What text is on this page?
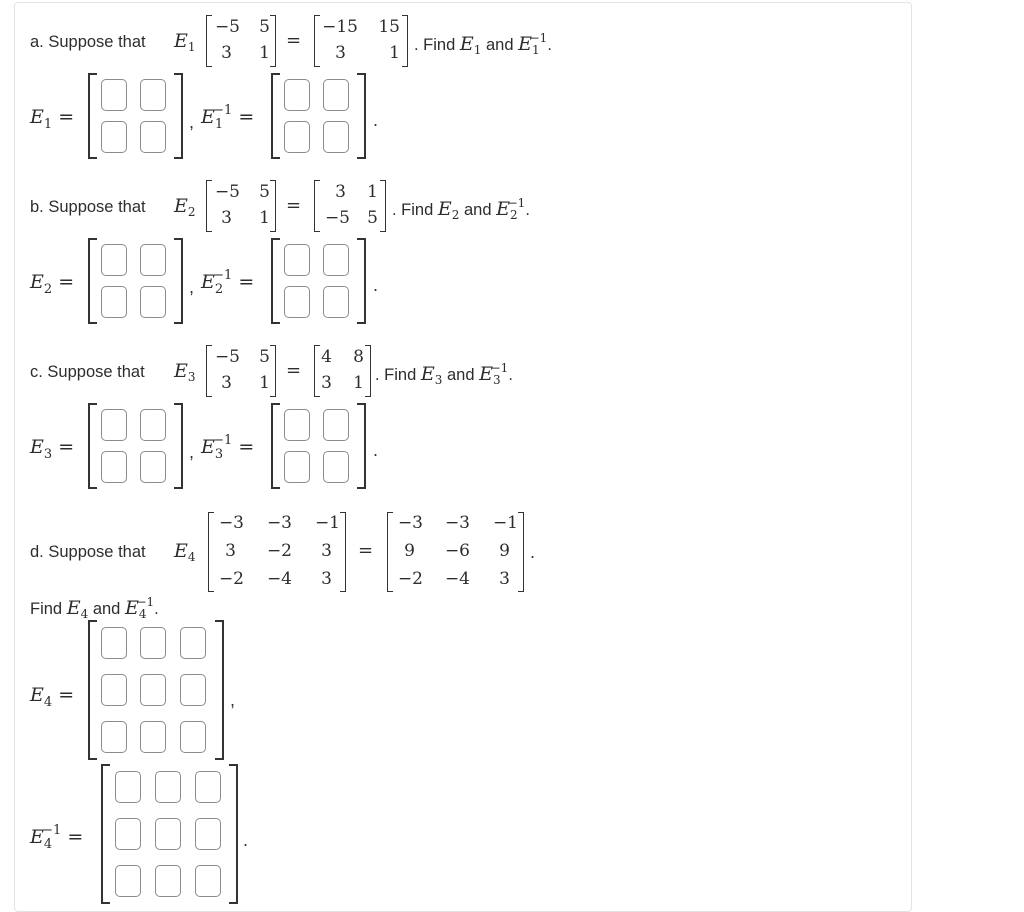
a. Suppose that $E_1$
−5	5
3	1
=
−15	15
3	1 . Find $E_1$ and $E_1^{-1}$.
$E_1$ =	, $E_1^{-1}$ =	.
b. Suppose that $E_2$
−5	5
3	1
=
3	1
−5	5 . Find $E_2$ and $E_2^{-1}$.
$E_2$ =	, $E_2^{-1}$ =	.
c. Suppose that $E_3$
−5	5
3	1
=
4	8
3	1 . Find $E_3$ and $E_3^{-1}$.
$E_3$ =	, $E_3^{-1}$ =	.
d. Suppose that $E_4$
−3 −3 −1
3 −2	3
−2 −4	3
=
−3 −3 −1
9 −6	9
−2 −4	3
.
Find $E_4$ and $E_4^{-1}$.
$E_4$ =	,
$E_4^{-1}$ =	.
